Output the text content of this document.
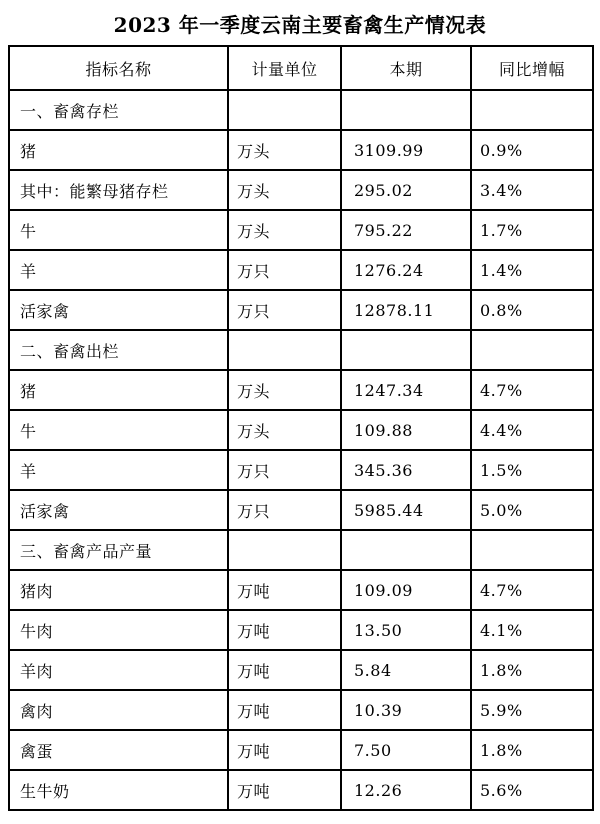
2023 年一季度云南主要畜禽生产情况表
指标名称	计量单位	本期	同比增幅
一、畜禽存栏			
猪	万头	3109.99	0.9%
其中：能繁母猪存栏	万头	295.02	3.4%
牛	万头	795.22	1.7%
羊	万只	1276.24	1.4%
活家禽	万只	12878.11	0.8%
二、畜禽出栏			
猪	万头	1247.34	4.7%
牛	万头	109.88	4.4%
羊	万只	345.36	1.5%
活家禽	万只	5985.44	5.0%
三、畜禽产品产量			
猪肉	万吨	109.09	4.7%
牛肉	万吨	13.50	4.1%
羊肉	万吨	5.84	1.8%
禽肉	万吨	10.39	5.9%
禽蛋	万吨	7.50	1.8%
生牛奶	万吨	12.26	5.6%
